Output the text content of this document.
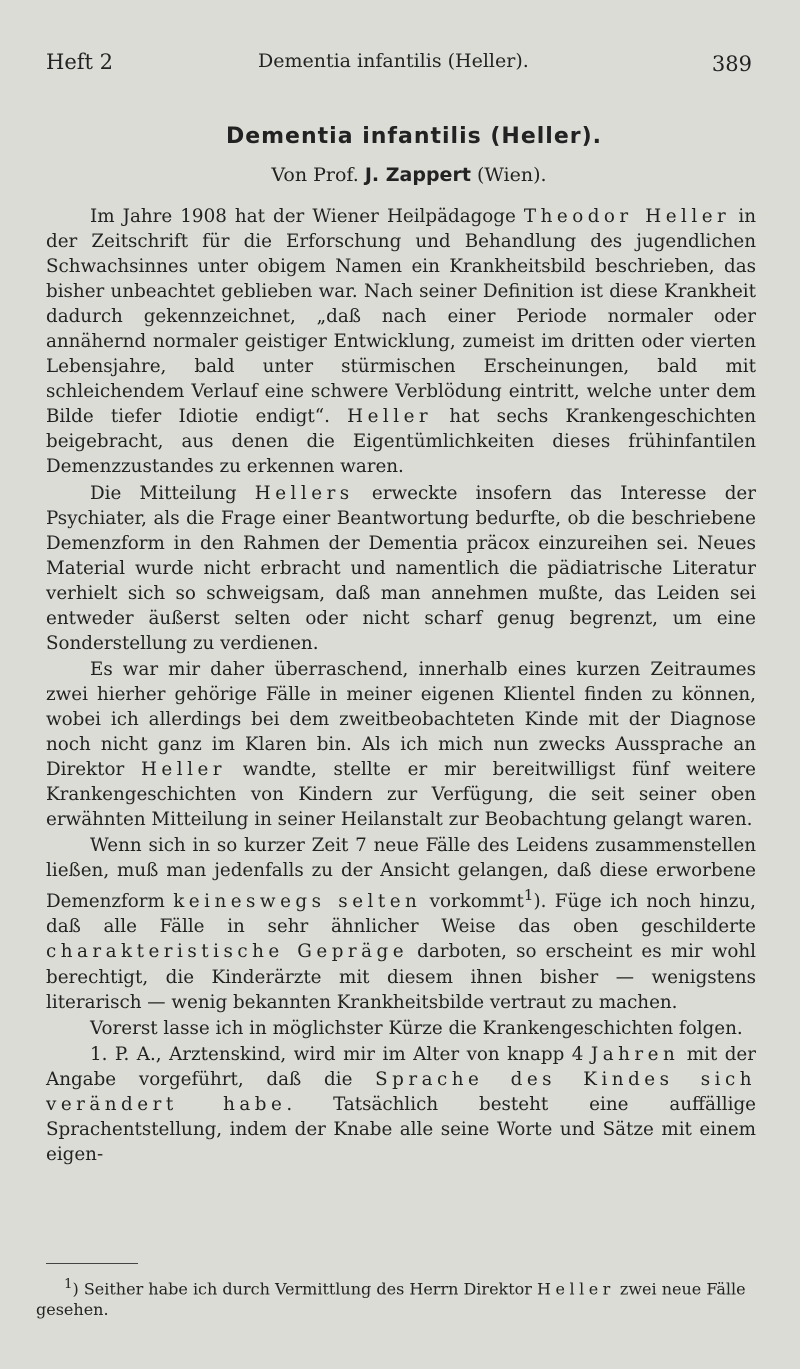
Heft 2	Dementia infantilis (Heller).	389
Dementia infantilis (Heller).
Von Prof. J. Zappert (Wien).

Im Jahre 1908 hat der Wiener Heilpädagoge Theodor Heller in der Zeitschrift für die Erforschung und Behandlung des jugendlichen Schwachsinnes unter obigem Namen ein Krankheitsbild beschrieben, das bisher unbeachtet geblieben war. Nach seiner Definition ist diese Krankheit dadurch gekennzeichnet, „daß nach einer Periode normaler oder annähernd normaler geistiger Entwicklung, zumeist im dritten oder vierten Lebensjahre, bald unter stürmischen Erscheinungen, bald mit schleichendem Verlauf eine schwere Verblödung eintritt, welche unter dem Bilde tiefer Idiotie endigt“. Heller hat sechs Krankengeschichten beigebracht, aus denen die Eigentümlichkeiten dieses frühinfantilen Demenzzustandes zu erkennen waren.

Die Mitteilung Hellers erweckte insofern das Interesse der Psychiater, als die Frage einer Beantwortung bedurfte, ob die beschriebene Demenzform in den Rahmen der Dementia präcox einzureihen sei. Neues Material wurde nicht erbracht und namentlich die pädiatrische Literatur verhielt sich so schweigsam, daß man annehmen mußte, das Leiden sei entweder äußerst selten oder nicht scharf genug begrenzt, um eine Sonderstellung zu verdienen.

Es war mir daher überraschend, innerhalb eines kurzen Zeitraumes zwei hierher gehörige Fälle in meiner eigenen Klientel finden zu können, wobei ich allerdings bei dem zweitbeobachteten Kinde mit der Diagnose noch nicht ganz im Klaren bin. Als ich mich nun zwecks Aussprache an Direktor Heller wandte, stellte er mir bereitwilligst fünf weitere Krankengeschichten von Kindern zur Verfügung, die seit seiner oben erwähnten Mitteilung in seiner Heilanstalt zur Beobachtung gelangt waren.

Wenn sich in so kurzer Zeit 7 neue Fälle des Leidens zusammenstellen ließen, muß man jedenfalls zu der Ansicht gelangen, daß diese erworbene Demenzform keineswegs selten vorkommt$^1$). Füge ich noch hinzu, daß alle Fälle in sehr ähnlicher Weise das oben geschilderte charakteristische Gepräge darboten, so erscheint es mir wohl berechtigt, die Kinderärzte mit diesem ihnen bisher — wenigstens literarisch — wenig bekannten Krankheitsbilde vertraut zu machen.

Vorerst lasse ich in möglichster Kürze die Krankengeschichten folgen.

1. P. A., Arztenskind, wird mir im Alter von knapp 4 Jahren mit der Angabe vorgeführt, daß die Sprache des Kindes sich verändert habe. Tatsächlich besteht eine auffällige Sprachentstellung, indem der Knabe alle seine Worte und Sätze mit einem eigen-

$^1$) Seither habe ich durch Vermittlung des Herrn Direktor Heller zwei neue Fälle gesehen.
